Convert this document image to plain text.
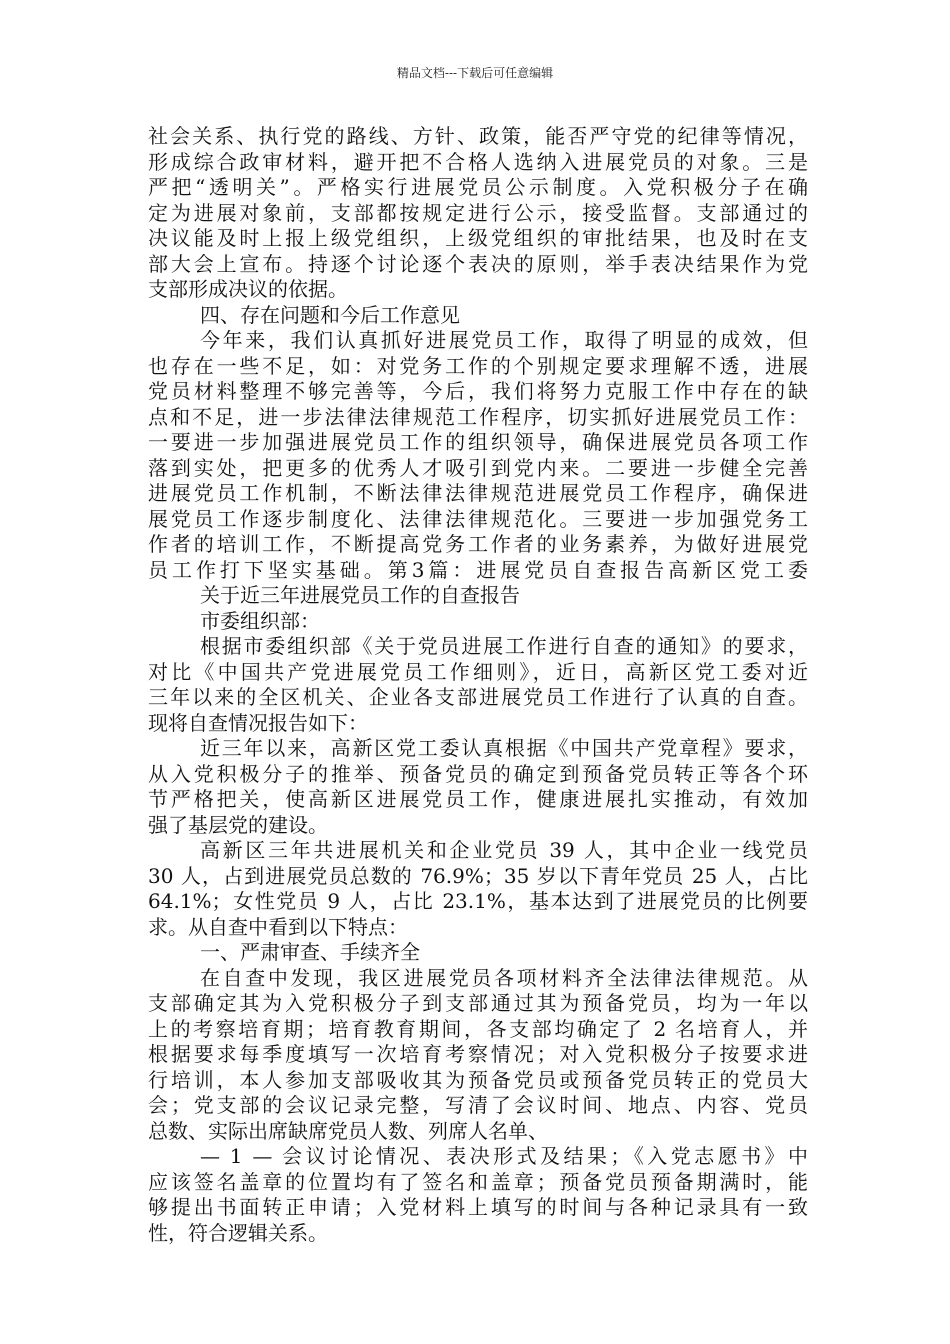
精品文档---下载后可任意编辑
社会关系、执行党的路线、方针、政策，能否严守党的纪律等情况，
形成综合政审材料，避开把不合格人选纳入进展党员的对象。三是
严把“透明关”。严格实行进展党员公示制度。入党积极分子在确
定为进展对象前，支部都按规定进行公示，接受监督。支部通过的
决议能及时上报上级党组织，上级党组织的审批结果，也及时在支
部大会上宣布。持逐个讨论逐个表决的原则，举手表决结果作为党
支部形成决议的依据。
四、存在问题和今后工作意见
今年来，我们认真抓好进展党员工作，取得了明显的成效，但
也存在一些不足，如：对党务工作的个别规定要求理解不透，进展
党员材料整理不够完善等，今后，我们将努力克服工作中存在的缺
点和不足，进一步法律法律规范工作程序，切实抓好进展党员工作：
一要进一步加强进展党员工作的组织领导，确保进展党员各项工作
落到实处，把更多的优秀人才吸引到党内来。二要进一步健全完善
进展党员工作机制，不断法律法律规范进展党员工作程序，确保进
展党员工作逐步制度化、法律法律规范化。三要进一步加强党务工
作者的培训工作，不断提高党务工作者的业务素养，为做好进展党
员工作打下坚实基础。第3篇：进展党员自查报告高新区党工委
关于近三年进展党员工作的自查报告
市委组织部：
根据市委组织部《关于党员进展工作进行自查的通知》的要求，
对比《中国共产党进展党员工作细则》，近日，高新区党工委对近
三年以来的全区机关、企业各支部进展党员工作进行了认真的自查。
现将自查情况报告如下：
近三年以来，高新区党工委认真根据《中国共产党章程》要求，
从入党积极分子的推举、预备党员的确定到预备党员转正等各个环
节严格把关，使高新区进展党员工作，健康进展扎实推动，有效加
强了基层党的建设。
高新区三年共进展机关和企业党员 39 人，其中企业一线党员
30 人，占到进展党员总数的 76.9%；35 岁以下青年党员 25 人，占比
64.1%；女性党员 9 人，占比 23.1%，基本达到了进展党员的比例要
求。从自查中看到以下特点：
一、严肃审查、手续齐全
在自查中发现，我区进展党员各项材料齐全法律法律规范。从
支部确定其为入党积极分子到支部通过其为预备党员，均为一年以
上的考察培育期；培育教育期间，各支部均确定了 2 名培育人，并
根据要求每季度填写一次培育考察情况；对入党积极分子按要求进
行培训，本人参加支部吸收其为预备党员或预备党员转正的党员大
会；党支部的会议记录完整，写清了会议时间、地点、内容、党员
总数、实际出席缺席党员人数、列席人名单、
— 1 — 会议讨论情况、表决形式及结果；《入党志愿书》中
应该签名盖章的位置均有了签名和盖章；预备党员预备期满时，能
够提出书面转正申请；入党材料上填写的时间与各种记录具有一致
性，符合逻辑关系。
